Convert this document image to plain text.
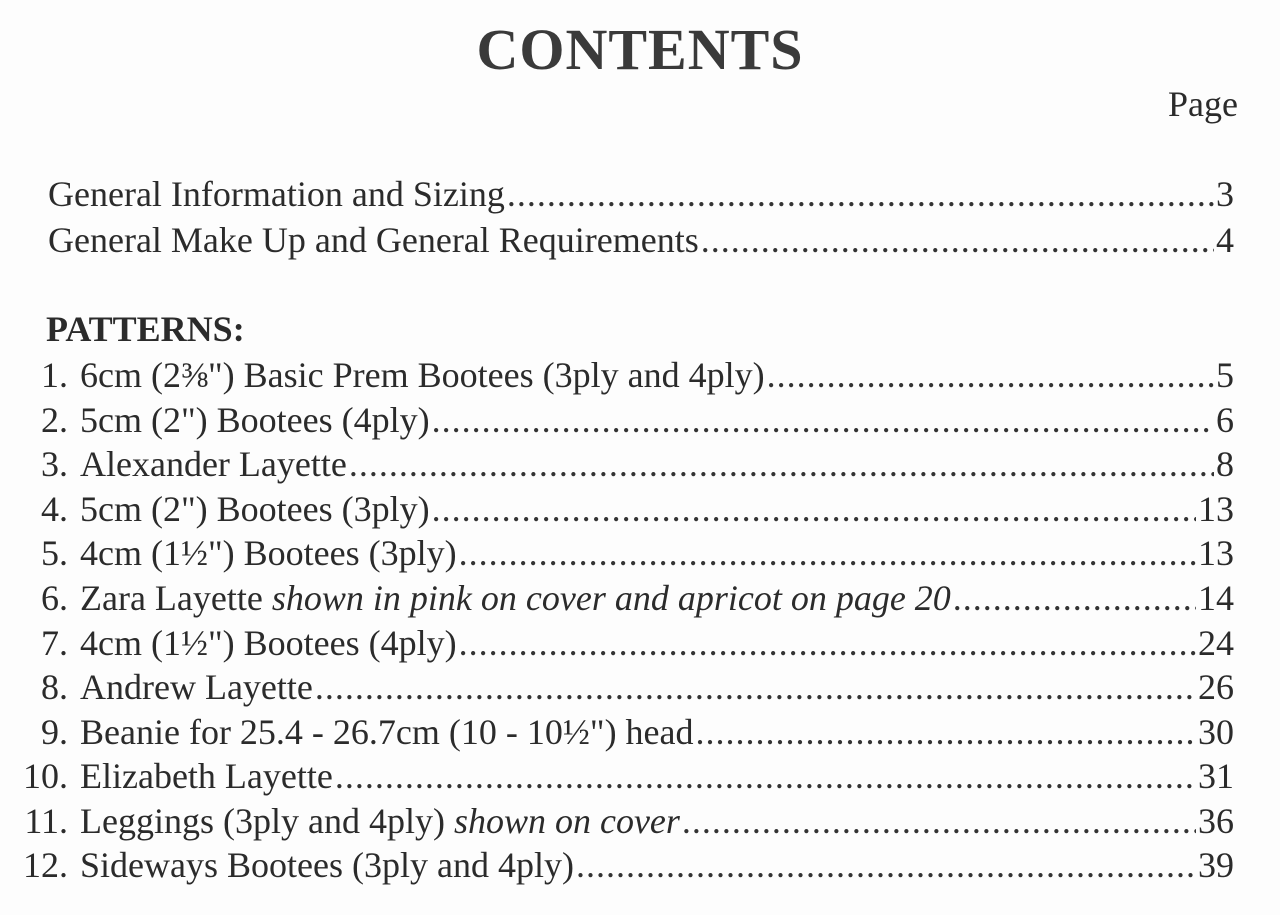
CONTENTS
Page
General Information and Sizing .....	3
General Make Up and General Requirements .....	4
PATTERNS:
1. 6cm (2⅜") Basic Prem Bootees (3ply and 4ply) .....	5
2. 5cm (2") Bootees (4ply) .....	6
3. Alexander Layette .....	8
4. 5cm (2") Bootees (3ply) .....	13
5. 4cm (1½") Bootees (3ply) .....	13
6. Zara Layette shown in pink on cover and apricot on page 20 .....	14
7. 4cm (1½") Bootees (4ply) .....	24
8. Andrew Layette .....	26
9. Beanie for 25.4 - 26.7cm (10 - 10½") head .....	30
10. Elizabeth Layette .....	31
11. Leggings (3ply and 4ply) shown on cover .....	36
12. Sideways Bootees (3ply and 4ply) .....	39
